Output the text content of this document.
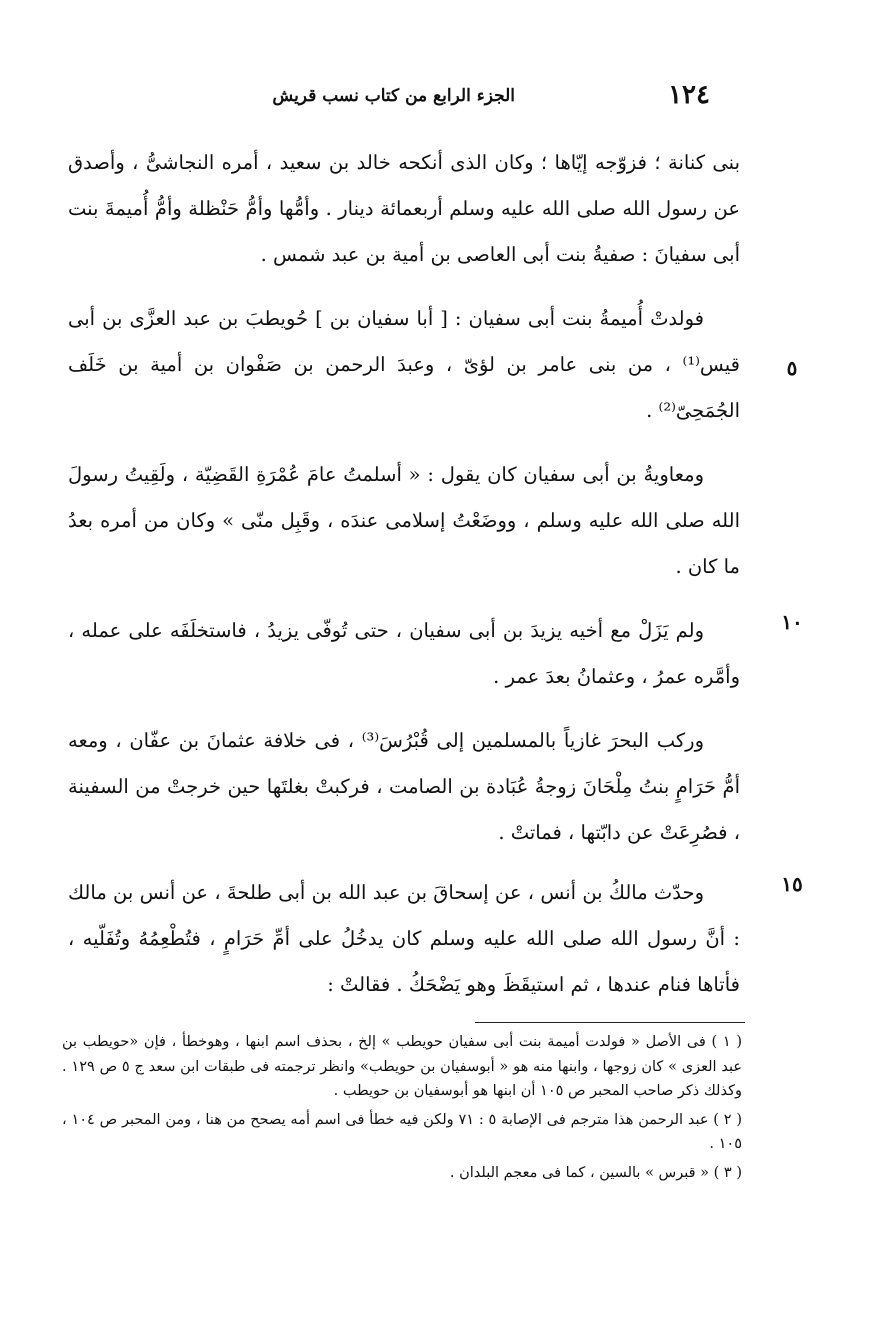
١٢٤
الجزء الرابع من كتاب نسب قريش

بنى كنانة ؛ فزوّجه إيّاها ؛ وكان الذى أنكحه خالد بن سعيد ، أمره النجاشىُّ ، وأصدق عن رسول الله صلى الله عليه وسلم أربعمائة دينار . وأمُّها وأمُّ حَنْظلة وأمُّ أُميمةَ بنت أبى سفيانَ : صفيةُ بنت أبى العاصى بن أمية بن عبد شمس .

فولدتْ أُميمةُ بنت أبى سفيان : [ أبا سفيان بن ] حُويطبَ بن عبد العزَّى بن أبى قيس⁽¹⁾ ، من بنى عامر بن لؤىّ ، وعبدَ الرحمن بن صَفْوان بن أمية بن خَلَف الجُمَحِىّ⁽²⁾ .

ومعاويةُ بن أبى سفيان كان يقول : « أسلمتُ عامَ عُمْرَةِ القَضِيّة ، ولَقِيتُ رسولَ الله صلى الله عليه وسلم ، ووضَعْتُ إسلامى عندَه ، وقَبِل منّى » وكان من أمره بعدُ ما كان .

ولم يَزَلْ مع أخيه يزيدَ بن أبى سفيان ، حتى تُوفّى يزيدُ ، فاستخلَفَه على عمله ، وأمَّره عمرُ ، وعثمانُ بعدَ عمر .

وركب البحرَ غازياً بالمسلمين إلى قُبْرُسَ⁽³⁾ ، فى خلافة عثمانَ بن عفّان ، ومعه أمُّ حَرَامٍ بنتُ مِلْحَانَ زوجةُ عُبَادة بن الصامت ، فركبتْ بغلتَها حين خرجتْ من السفينة ، فصُرِعَتْ عن دابّتها ، فماتتْ .

وحدّث مالكُ بن أنس ، عن إسحاقَ بن عبد الله بن أبى طلحةَ ، عن أنس بن مالك : أنَّ رسول الله صلى الله عليه وسلم كان يدخُلُ على أمِّ حَرَامٍ ، فتُطْعِمُهُ وتُفَلّيه ، فأتاها فنام عندها ، ثم استيقَظَ وهو يَضْحَكُ . فقالتْ :

٥
١٠
١٥

( ١ ) فى الأصل « فولدت أميمة بنت أبى سفيان حويطب » إلخ ، بحذف اسم ابنها ، وهوخطأ ، فإن «حويطب بن عبد العزى » كان زوجها ، وابنها منه هو « أبوسفيان بن حويطب» وانظر ترجمته فى طبقات ابن سعد ج ٥ ص ١٢٩ . وكذلك ذكر صاحب المحبر ص ١٠٥ أن ابنها هو أبوسفيان بن حويطب .

( ٢ ) عبد الرحمن هذا مترجم فى الإصابة ٥ : ٧١ ولكن فيه خطأ فى اسم أمه يصحح من هنا ، ومن المحبر ص ١٠٤ ، ١٠٥ .

( ٣ ) « قبرس » بالسين ، كما فى معجم البلدان .
